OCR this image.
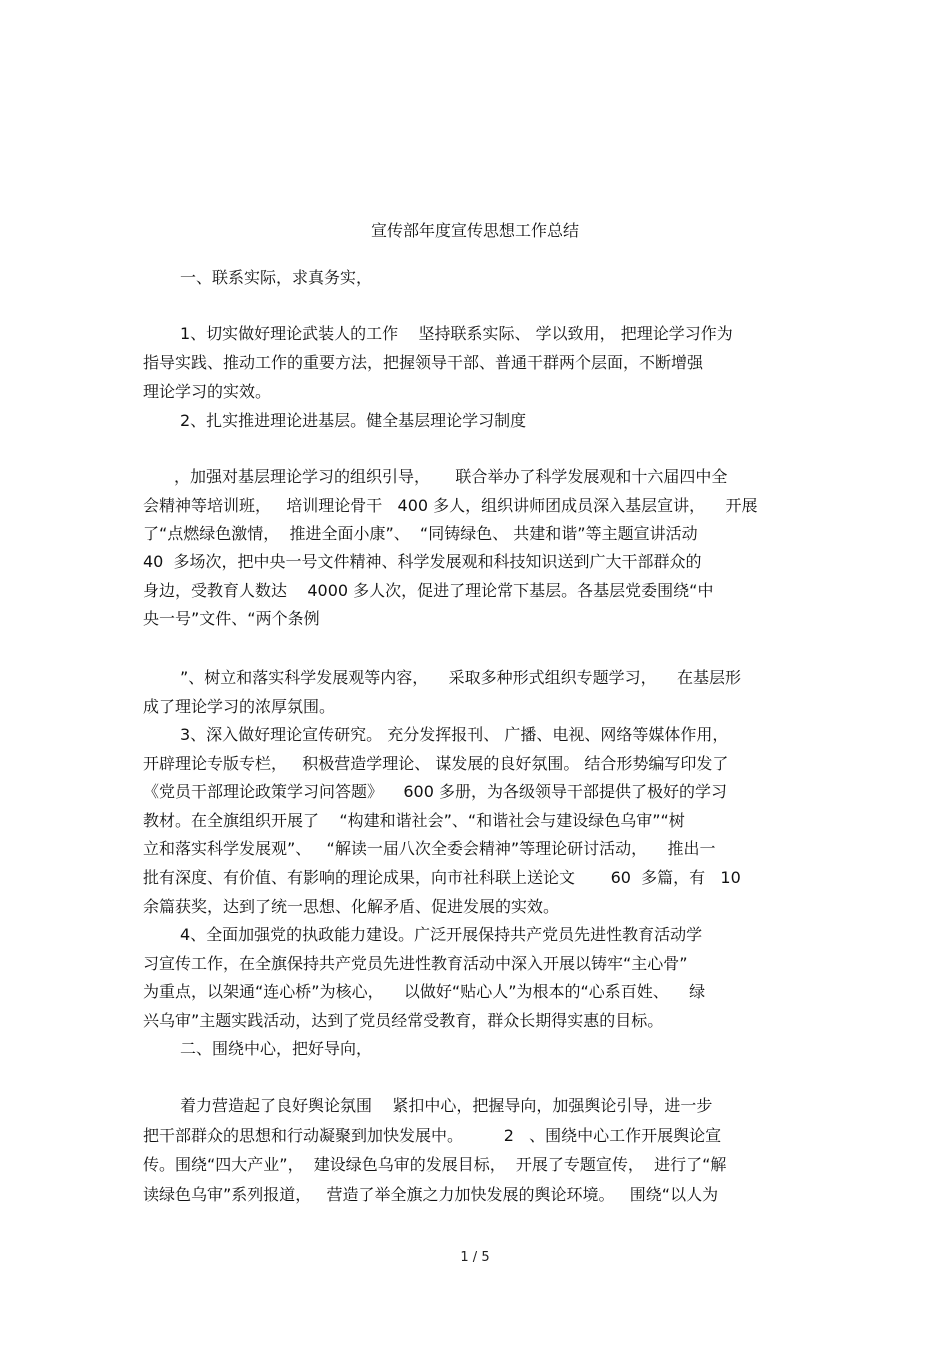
宣传部年度宣传思想工作总结
一、联系实际，求真务实，
1、切实做好理论武装人的工作    坚持联系实际、 学以致用， 把理论学习作为
指导实践、推动工作的重要方法，把握领导干部、普通干群两个层面，不断增强
理论学习的实效。
2、扎实推进理论进基层。健全基层理论学习制度
，加强对基层理论学习的组织引导，     联合举办了科学发展观和十六届四中全
会精神等培训班，   培训理论骨干   400 多人，组织讲师团成员深入基层宣讲，    开展
了“点燃绿色激情，  推进全面小康”、  “同铸绿色、 共建和谐”等主题宣讲活动
40  多场次，把中央一号文件精神、科学发展观和科技知识送到广大干部群众的
身边，受教育人数达    4000 多人次，促进了理论常下基层。各基层党委围绕“中
央一号”文件、“两个条例
”、树立和落实科学发展观等内容，    采取多种形式组织专题学习，    在基层形
成了理论学习的浓厚氛围。
3、深入做好理论宣传研究。 充分发挥报刊、 广播、电视、网络等媒体作用，
开辟理论专版专栏，   积极营造学理论、 谋发展的良好氛围。 结合形势编写印发了
《党员干部理论政策学习问答题》    600 多册，为各级领导干部提供了极好的学习
教材。在全旗组织开展了    “构建和谐社会”、“和谐社会与建设绿色乌审”“树
立和落实科学发展观”、   “解读一届八次全委会精神”等理论研讨活动，    推出一
批有深度、有价值、有影响的理论成果，向市社科联上送论文       60  多篇，有   10
余篇获奖，达到了统一思想、化解矛盾、促进发展的实效。
4、全面加强党的执政能力建设。广泛开展保持共产党员先进性教育活动学
习宣传工作，在全旗保持共产党员先进性教育活动中深入开展以铸牢“主心骨”
为重点，以架通“连心桥”为核心，    以做好“贴心人”为根本的“心系百姓、    绿
兴乌审”主题实践活动，达到了党员经常受教育，群众长期得实惠的目标。
二、围绕中心，把好导向，
着力营造起了良好舆论氛围    紧扣中心，把握导向，加强舆论引导，进一步
把干部群众的思想和行动凝聚到加快发展中。        2   、围绕中心工作开展舆论宣
传。围绕“四大产业”，  建设绿色乌审的发展目标，  开展了专题宣传，  进行了“解
读绿色乌审”系列报道，   营造了举全旗之力加快发展的舆论环境。   围绕“以人为
1 / 5
